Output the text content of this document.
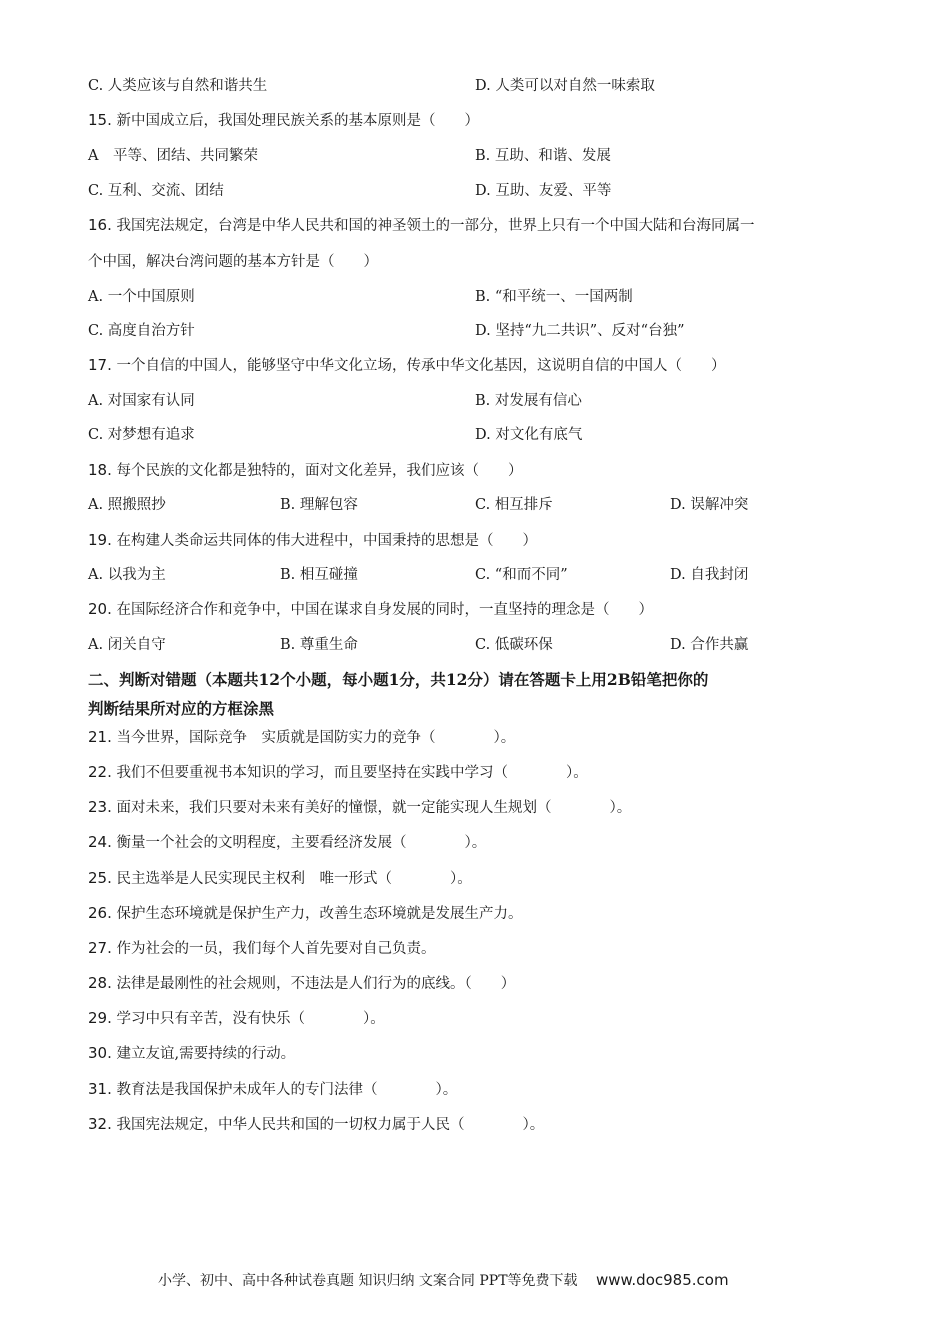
C. 人类应该与自然和谐共生	D. 人类可以对自然一味索取
15. 新中国成立后，我国处理民族关系的基本原则是（　　）
A　平等、团结、共同繁荣	B. 互助、和谐、发展
C. 互利、交流、团结	D. 互助、友爱、平等
16. 我国宪法规定，台湾是中华人民共和国的神圣领土的一部分，世界上只有一个中国大陆和台海同属一
个中国，解决台湾问题的基本方针是（　　）
A. 一个中国原则	B. “和平统一、一国两制
C. 高度自治方针	D. 坚持“九二共识”、反对“台独”
17. 一个自信的中国人，能够坚守中华文化立场，传承中华文化基因，这说明自信的中国人（　　）
A. 对国家有认同	B. 对发展有信心
C. 对梦想有追求	D. 对文化有底气
18. 每个民族的文化都是独特的，面对文化差异，我们应该（　　）
A. 照搬照抄	B. 理解包容	C. 相互排斥	D. 误解冲突
19. 在构建人类命运共同体的伟大进程中，中国秉持的思想是（　　）
A. 以我为主	B. 相互碰撞	C. “和而不同”	D. 自我封闭
20. 在国际经济合作和竞争中，中国在谋求自身发展的同时，一直坚持的理念是（　　）
A. 闭关自守	B. 尊重生命	C. 低碳环保	D. 合作共赢
二、判断对错题（本题共12个小题，每小题1分，共12分）请在答题卡上用2B铅笔把你的
判断结果所对应的方框涂黑
21. 当今世界，国际竞争　实质就是国防实力的竞争（　　　　）。
22. 我们不但要重视书本知识的学习，而且要坚持在实践中学习（　　　　）。
23. 面对未来，我们只要对未来有美好的憧憬，就一定能实现人生规划（　　　　）。
24. 衡量一个社会的文明程度，主要看经济发展（　　　　）。
25. 民主选举是人民实现民主权利　唯一形式（　　　　）。
26. 保护生态环境就是保护生产力，改善生态环境就是发展生产力。
27. 作为社会的一员，我们每个人首先要对自己负责。
28. 法律是最刚性的社会规则，不违法是人们行为的底线。（　　）
29. 学习中只有辛苦，没有快乐（　　　　）。
30. 建立友谊,需要持续的行动。
31. 教育法是我国保护未成年人的专门法律（　　　　）。
32. 我国宪法规定，中华人民共和国的一切权力属于人民（　　　　）。
小学、初中、高中各种试卷真题 知识归纳 文案合同 PPT等免费下载 www.doc985.com
